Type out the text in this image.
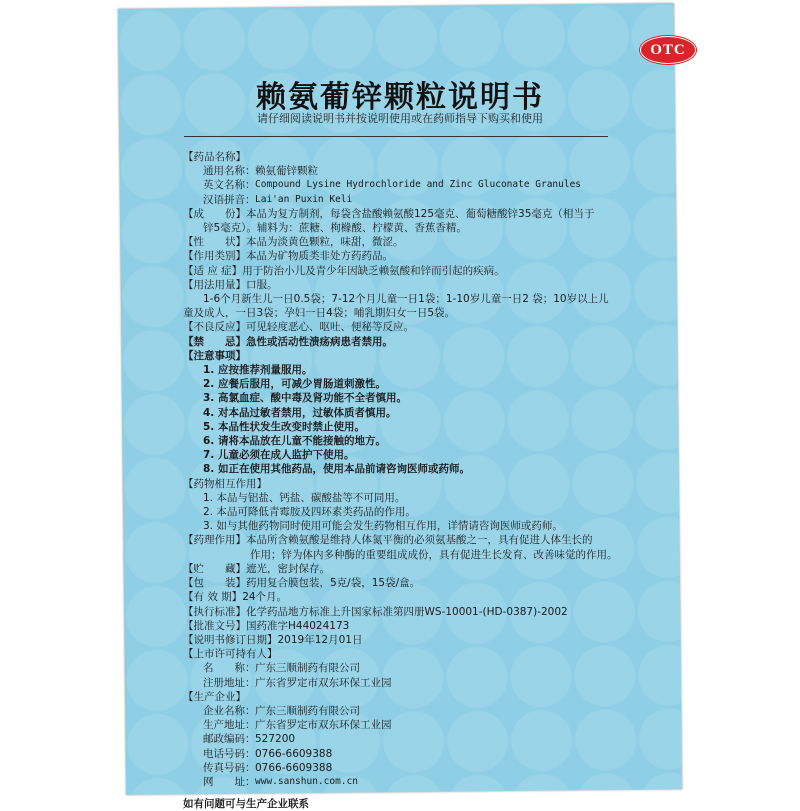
OTC
赖氨葡锌颗粒说明书
请仔细阅读说明书并按说明使用或在药师指导下购买和使用
【药品名称】
通用名称： 赖氨葡锌颗粒
英文名称： Compound Lysine Hydrochloride and Zinc Gluconate Granules
汉语拼音： Lai'an Puxin Keli
【成　　份】 本品为复方制剂，每袋含盐酸赖氨酸125毫克、葡萄糖酸锌35毫克（相当于
锌5毫克）。辅料为：蔗糖、枸橼酸、柠檬黄、香蕉香精。
【性　　状】 本品为淡黄色颗粒，味甜，微涩。
【作用类别】 本品为矿物质类非处方药药品。
【适 应 症】 用于防治小儿及青少年因缺乏赖氨酸和锌而引起的疾病。
【用法用量】 口服。
1-6个月新生儿一日0.5袋；7-12个月儿童一日1袋；1-10岁儿童一日2 袋；10岁以上儿
童及成人，一日3袋；孕妇一日4袋；哺乳期妇女一日5袋。
【不良反应】 可见轻度恶心、呕吐、便秘等反应。
【禁　　忌】 急性或活动性溃疡病患者禁用。
【注意事项】
1. 应按推荐剂量服用。
2. 应餐后服用，可减少胃肠道刺激性。
3. 高氯血症、酸中毒及肾功能不全者慎用。
4. 对本品过敏者禁用，过敏体质者慎用。
5. 本品性状发生改变时禁止使用。
6. 请将本品放在儿童不能接触的地方。
7. 儿童必须在成人监护下使用。
8. 如正在使用其他药品，使用本品前请咨询医师或药师。
【药物相互作用】
1. 本品与铝盐、钙盐、碳酸盐等不可同用。
2. 本品可降低青霉胺及四环素类药品的作用。
3. 如与其他药物同时使用可能会发生药物相互作用，详情请咨询医师或药师。
【药理作用】 本品所含赖氨酸是维持人体氮平衡的必须氨基酸之一，具有促进人体生长的
作用；锌为体内多种酶的重要组成成份，具有促进生长发育、改善味觉的作用。
【贮　　藏】 遮光，密封保存。
【包　　装】 药用复合膜包装，5克/袋，15袋/盒。
【有 效 期】 24个月。
【执行标准】 化学药品地方标准上升国家标准第四册WS-10001-(HD-0387)-2002
【批准文号】 国药准字H44024173
【说明书修订日期】 2019年12月01日
【上市许可持有人】
名　　称： 广东三顺制药有限公司
注册地址： 广东省罗定市双东环保工业园
【生产企业】
企业名称： 广东三顺制药有限公司
生产地址： 广东省罗定市双东环保工业园
邮政编码： 527200
电话号码： 0766-6609388
传真号码： 0766-6609388
网　　址： www.sanshun.com.cn
如有问题可与生产企业联系
